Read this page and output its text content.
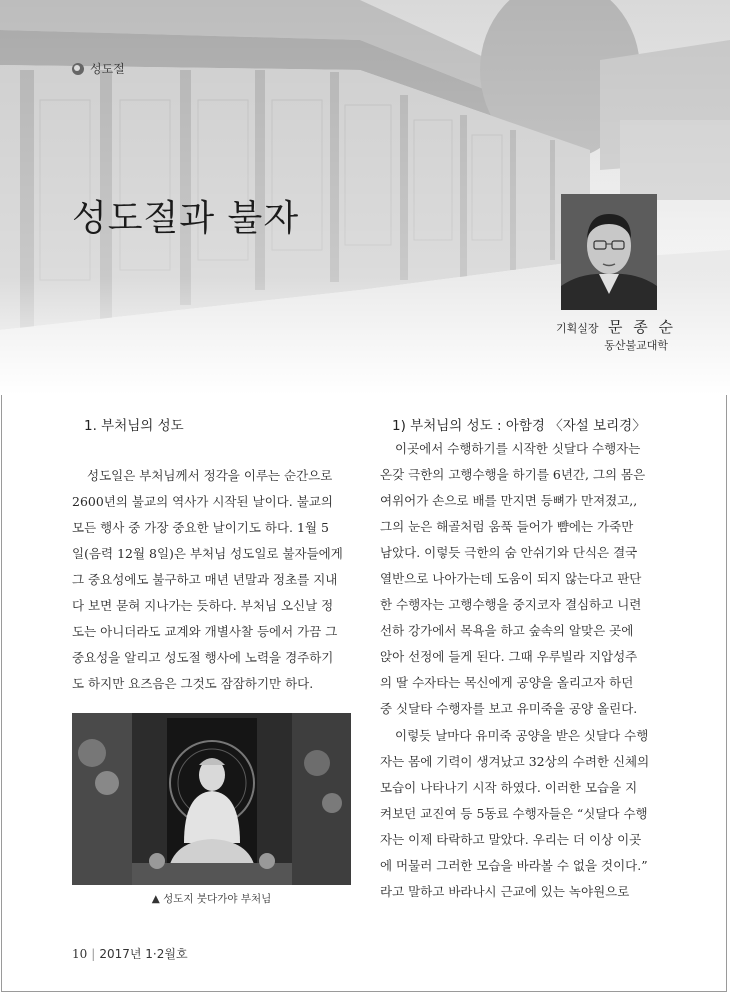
성도절
성도절과 불자
기획실장 문 종 순
동산불교대학
1. 부처님의 성도
성도일은 부처님께서 정각을 이루는 순간으로
2600년의 불교의 역사가 시작된 날이다. 불교의
모든 행사 중 가장 중요한 날이기도 하다. 1월 5
일(음력 12월 8일)은 부처님 성도일로 불자들에게
그 중요성에도 불구하고 매년 년말과 정초를 지내
다 보면 묻혀 지나가는 듯하다. 부처님 오신날 정
도는 아니더라도 교계와 개별사찰 등에서 가끔 그
중요성을 알리고 성도절 행사에 노력을 경주하기
도 하지만 요즈음은 그것도 잠잠하기만 하다.
▲ 성도지 붓다가야 부처님
1) 부처님의 성도 : 아함경 〈자설 보리경〉
이곳에서 수행하기를 시작한 싯달다 수행자는
온갖 극한의 고행수행을 하기를 6년간, 그의 몸은
여위어가 손으로 배를 만지면 등뼈가 만져졌고,,
그의 눈은 해골처럼 움푹 들어가 뺨에는 가죽만
남았다. 이렇듯 극한의 숨 안쉬기와 단식은 결국
열반으로 나아가는데 도움이 되지 않는다고 판단
한 수행자는 고행수행을 중지코자 결심하고 니련
선하 강가에서 목욕을 하고 숲속의 알맞은 곳에
앉아 선정에 들게 된다. 그때 우루빌라 지압성주
의 딸 수자타는 목신에게 공양을 올리고자 하던
중 싯달타 수행자를 보고 유미죽을 공양 올린다.
이렇듯 날마다 유미죽 공양을 받은 싯달다 수행
자는 몸에 기력이 생겨났고 32상의 수려한 신체의
모습이 나타나기 시작 하였다. 이러한 모습을 지
켜보던 교진여 등 5동료 수행자들은 “싯달다 수행
자는 이제 타락하고 말았다. 우리는 더 이상 이곳
에 머물러 그러한 모습을 바라볼 수 없을 것이다.”
라고 말하고 바라나시 근교에 있는 녹야원으로
10 | 2017년 1·2월호
